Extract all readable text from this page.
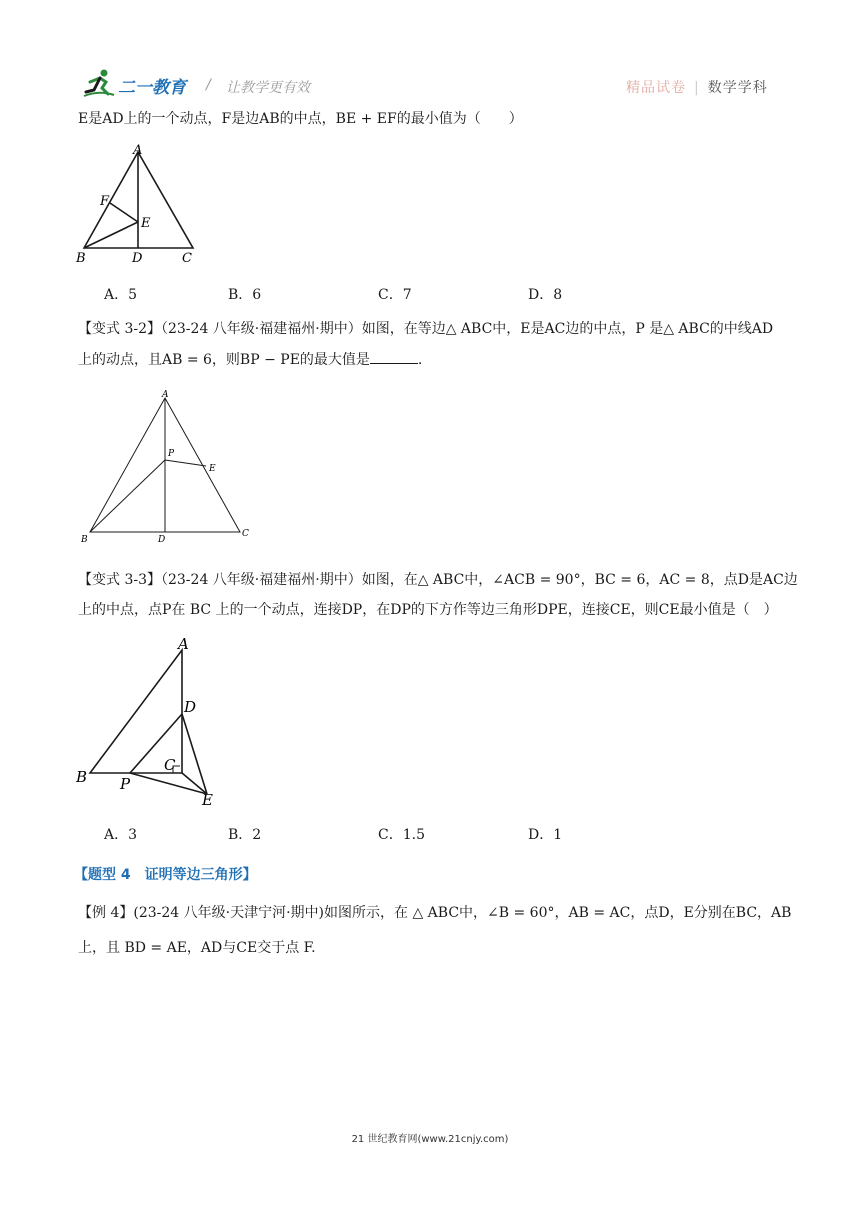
二一教育 / 让教学更有效	精品试卷 | 数学学科
E是AD上的一个动点，F是边AB的中点，BE + EF的最小值为（　　）
A
F
E
B	D	C
A．5	B．6	C．7	D．8
【变式 3-2】（23-24 八年级·福建福州·期中）如图，在等边△ ABC中，E是AC边的中点，P 是△ ABC的中线AD
上的动点，且AB = 6，则BP − PE的最大值是	.
A
P
E
B	D
C
【变式 3-3】（23-24 八年级·福建福州·期中）如图，在△ ABC中，∠ACB = 90°，BC = 6，AC = 8，点D是AC边
上的中点，点P在 BC 上的一个动点，连接DP，在DP的下方作等边三角形DPE，连接CE，则CE最小值是（　）
A
D
C
B P
E
A．3	B．2	C．1.5	D．1
【题型 4　证明等边三角形】
【例 4】(23-24 八年级·天津宁河·期中)如图所示，在 △ ABC中，∠B = 60°，AB = AC，点D，E分别在BC，AB
上，且 BD = AE，AD与CE交于点 F.
21 世纪教育网(www.21cnjy.com)
